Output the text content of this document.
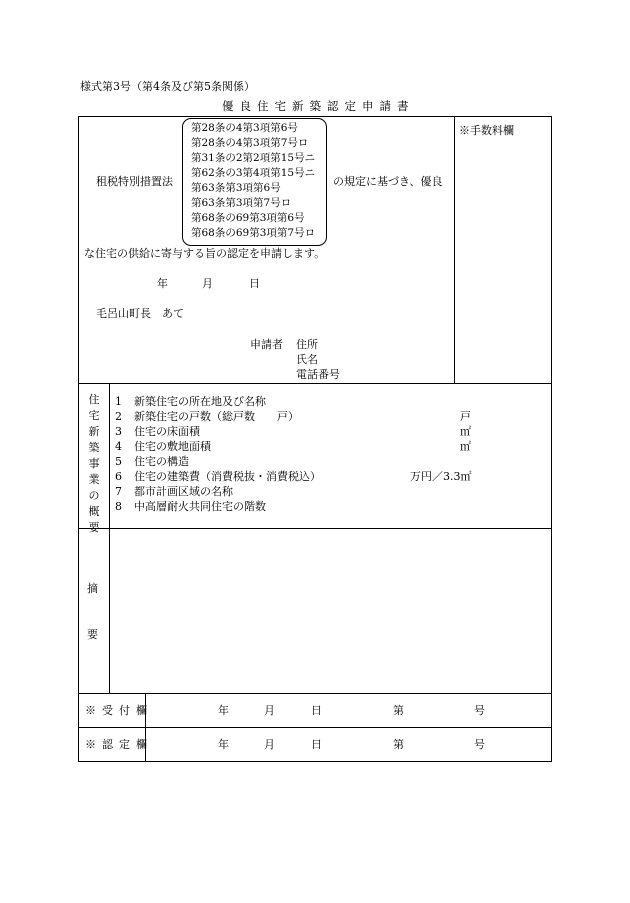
様式第3号（第4条及び第5条関係）
優良住宅新築認定申請書
租税特別措置法
第28条の4第3項第6号
第28条の4第3項第7号ロ
第31条の2第2項第15号ニ
第62条の3第4項第15号ニ
第63条第3項第6号
第63条第3項第7号ロ
第68条の69第3項第6号
第68条の69第3項第7号ロ
の規定に基づき、優良
な住宅の供給に寄与する旨の認定を申請します。
年	月	日
毛呂山町長　あて
申請者 住所
氏名
電話番号
※手数料欄
住宅新築事業の概要
1 新築住宅の所在地及び名称
2 新築住宅の戸数（総戸数　　戸）	戸
3 住宅の床面積	㎡
4 住宅の敷地面積	㎡
5 住宅の構造
6 住宅の建築費（消費税抜・消費税込）	万円／3.3㎡
7 都市計画区域の名称
8 中高層耐火共同住宅の階数
摘
要
※受付欄	年	月	日	第	号
※認定欄	年	月	日	第	号
